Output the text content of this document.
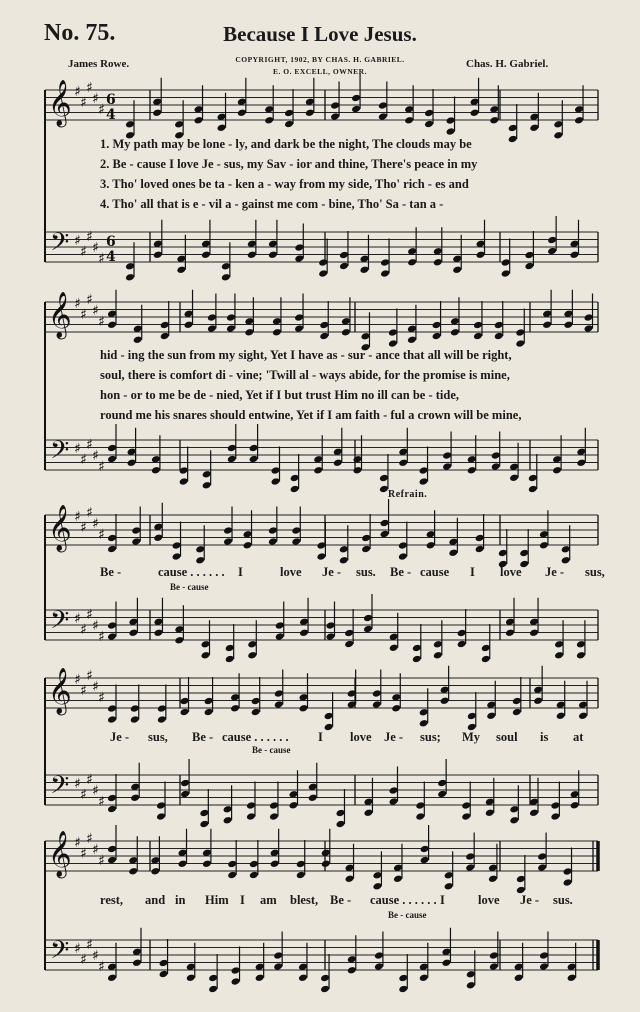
No. 75.	Because I Love Jesus.
James Rowe.	Chas. H. Gabriel.
COPYRIGHT, 1902, BY CHAS. H. GABRIEL.
E. O. EXCELL, OWNER.
𝄞
𝄢
♯
♯
♯
♯
♯
♯
♯
♯
♯
♯
6
4
6
4
𝄞
𝄢
♯
♯
♯
♯
♯
♯
♯
♯
♯
♯
𝄞
𝄢
♯
♯
♯
♯
♯
♯
♯
♯
♯
♯
𝄞
𝄢
♯
♯
♯
♯
♯
♯
♯
♯
♯
♯
𝄞
𝄢
♯
♯
♯
♯
♯
♯
♯
♯
♯
♯
1. My path may be lone - ly, and dark be the night, The clouds may be
2. Be - cause I love Je - sus, my Sav - ior and thine, There's peace in my
3. Tho' loved ones be ta - ken a - way from my side, Tho' rich - es and
4. Tho' all that is e - vil a - gainst me com - bine, Tho' Sa - tan a -
hid - ing the sun from my sight, Yet I have as - sur - ance that all will be right,
soul, there is comfort di - vine; 'Twill al - ways abide, for the promise is mine,
hon - or to me be de - nied, Yet if I but trust Him no ill can be - tide,
round me his snares should entwine, Yet if I am faith - ful a crown will be mine,
Refrain.
Be -	cause . . . . . . I	love Je - sus. Be - cause I love Je - sus,
Be - cause
Je - sus, Be - cause . . . . . . I love Je - sus; My soul is at
Be - cause
rest, and in Him I am blest, Be - cause . . . . . . I	love Je - sus.
Be - cause
